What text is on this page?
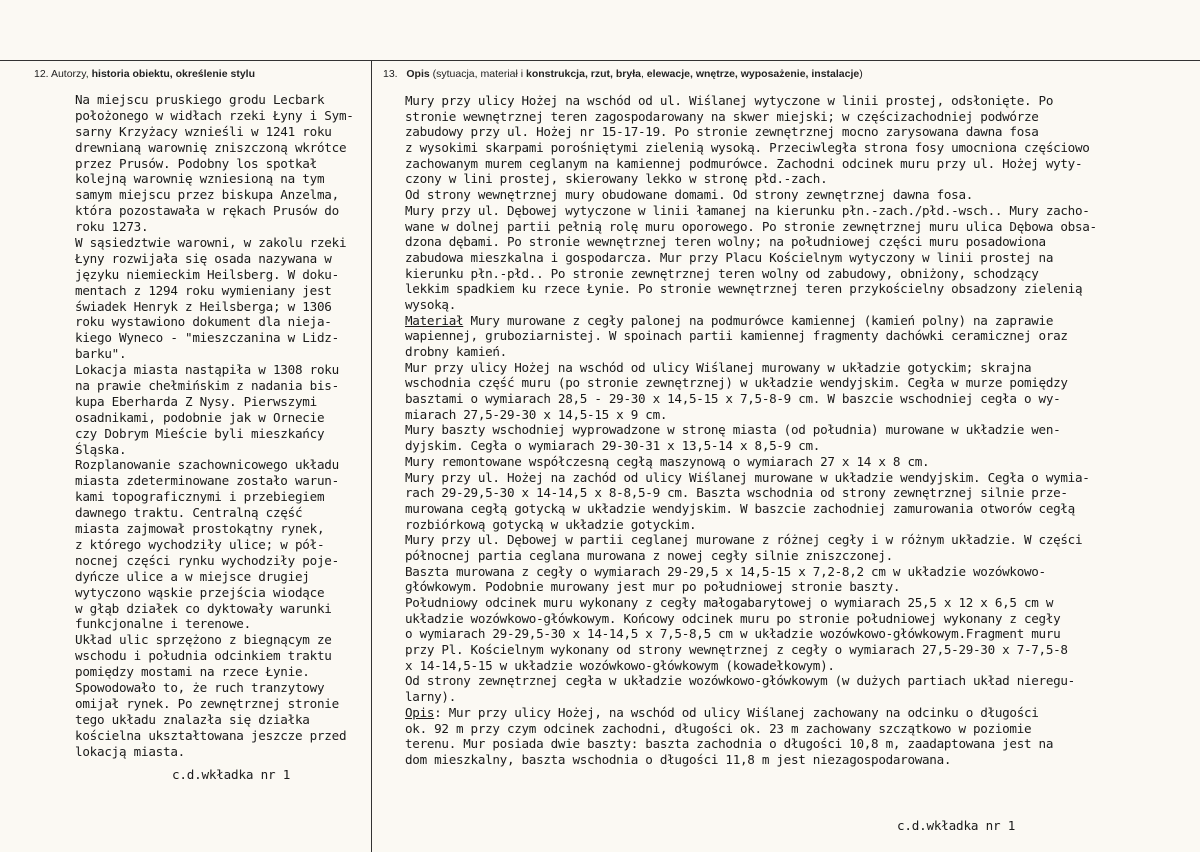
12. Autorzy, historia obiektu, określenie stylu	13. Opis (sytuacja, materiał i konstrukcja, rzut, bryła, elewacje, wnętrze, wyposażenie, instalacje)
Na miejscu pruskiego grodu Lecbark
położonego w widłach rzeki Łyny i Sym-
sarny Krzyżacy wznieśli w 1241 roku
drewnianą warownię zniszczoną wkrótce
przez Prusów. Podobny los spotkał
kolejną warownię wzniesioną na tym
samym miejscu przez biskupa Anzelma,
która pozostawała w rękach Prusów do
roku 1273.
W sąsiedztwie warowni, w zakolu rzeki
Łyny rozwijała się osada nazywana w
języku niemieckim Heilsberg. W doku-
mentach z 1294 roku wymieniany jest
świadek Henryk z Heilsberga; w 1306
roku wystawiono dokument dla niejа-
kiego Wyneco - "mieszczanina w Lidz-
barku".
Lokacja miasta nastąpiła w 1308 roku
na prawie chełmińskim z nadania bis-
kupa Eberharda Z Nysy. Pierwszymi
osadnikami, podobnie jak w Ornecie
czy Dobrym Mieście byli mieszkańcy
Śląska.
Rozplanowanie szachownicowego układu
miasta zdeterminowane zostało warun-
kami topograficznymi i przebiegiem
dawnego traktu. Centralną część
miasta zajmował prostokątny rynek,
z którego wychodziły ulice; w pół-
nocnej części rynku wychodziły poje-
dyńcze ulice a w miejsce drugiej
wytyczono wąskie przejścia wiodące
w głąb działek co dyktowały warunki
funkcjonalne i terenowe.
Układ ulic sprzężono z biegnącym ze
wschodu i południa odcinkiem traktu
pomiędzy mostami na rzece Łynie.
Spowodowało to, że ruch tranzytowy
omijał rynek. Po zewnętrznej stronie
tego układu znalazła się działka
kościelna ukształtowana jeszcze przed
lokacją miasta.
c.d.wkładka nr 1
Mury przy ulicy Hożej na wschód od ul. Wiślanej wytyczone w linii prostej, odsłonięte. Po
stronie wewnętrznej teren zagospodarowany na skwer miejski; w częścizachodniej podwórze
zabudowy przy ul. Hożej nr 15-17-19. Po stronie zewnętrznej mocno zarysowana dawna fosa
z wysokimi skarpami porośniętymi zielenią wysoką. Przeciwległa strona fosy umocniona częściowo
zachowanym murem ceglanym na kamiennej podmurówce. Zachodni odcinek muru przy ul. Hożej wyty-
czony w lini prostej, skierowany lekko w stronę płd.-zach.
Od strony wewnętrznej mury obudowane domami. Od strony zewnętrznej dawna fosa.
Mury przy ul. Dębowej wytyczone w linii łamanej na kierunku płn.-zach./płd.-wsch.. Mury zacho-
wane w dolnej partii pełnią rolę muru oporowego. Po stronie zewnętrznej muru ulica Dębowa obsa-
dzona dębami. Po stronie wewnętrznej teren wolny; na południowej części muru posadowiona
zabudowa mieszkalna i gospodarcza. Mur przy Placu Kościelnym wytyczony w linii prostej na
kierunku płn.-płd.. Po stronie zewnętrznej teren wolny od zabudowy, obniżony, schodzący
lekkim spadkiem ku rzece Łynie. Po stronie wewnętrznej teren przykościelny obsadzony zielenią
wysoką.
Materiał Mury murowane z cegły palonej na podmurówce kamiennej (kamień polny) na zaprawie
wapiennej, gruboziarnistej. W spoinach partii kamiennej fragmenty dachówki ceramicznej oraz
drobny kamień.
Mur przy ulicy Hożej na wschód od ulicy Wiślanej murowany w układzie gotyckim; skrajna
wschodnia część muru (po stronie zewnętrznej) w układzie wendyjskim. Cegła w murze pomiędzy
basztami o wymiarach 28,5 - 29-30 x 14,5-15 x 7,5-8-9 cm. W baszcie wschodniej cegła o wy-
miarach 27,5-29-30 x 14,5-15 x 9 cm.
Mury baszty wschodniej wyprowadzone w stronę miasta (od południa) murowane w układzie wen-
dyjskim. Cegła o wymiarach 29-30-31 x 13,5-14 x 8,5-9 cm.
Mury remontowane współczesną cegłą maszynową o wymiarach 27 x 14 x 8 cm.
Mury przy ul. Hożej na zachód od ulicy Wiślanej murowane w układzie wendyjskim. Cegła o wymia-
rach 29-29,5-30 x 14-14,5 x 8-8,5-9 cm. Baszta wschodnia od strony zewnętrznej silnie prze-
murowana cegłą gotycką w układzie wendyjskim. W baszcie zachodniej zamurowania otworów cegłą
rozbiórkową gotycką w układzie gotyckim.
Mury przy ul. Dębowej w partii ceglanej murowane z różnej cegły i w różnym układzie. W części
północnej partia ceglana murowana z nowej cegły silnie zniszczonej.
Baszta murowana z cegły o wymiarach 29-29,5 x 14,5-15 x 7,2-8,2 cm w układzie wozówkowo-
główkowym. Podobnie murowany jest mur po południowej stronie baszty.
Południowy odcinek muru wykonany z cegły małogabarytowej o wymiarach 25,5 x 12 x 6,5 cm w
układzie wozówkowo-główkowym. Końcowy odcinek muru po stronie południowej wykonany z cegły
o wymiarach 29-29,5-30 x 14-14,5 x 7,5-8,5 cm w układzie wozówkowo-główkowym.Fragment muru
przy Pl. Kościelnym wykonany od strony wewnętrznej z cegły o wymiarach 27,5-29-30 x 7-7,5-8
x 14-14,5-15 w układzie wozówkowo-główkowym (kowadełkowym).
Od strony zewnętrznej cegła w układzie wozówkowo-główkowym (w dużych partiach układ nieregu-
larny).
Opis: Mur przy ulicy Hożej, na wschód od ulicy Wiślanej zachowany na odcinku o długości
ok. 92 m przy czym odcinek zachodni, długości ok. 23 m zachowany szczątkowo w poziomie
terenu. Mur posiada dwie baszty: baszta zachodnia o długości 10,8 m, zaadaptowana jest na
dom mieszkalny, baszta wschodnia o długości 11,8 m jest niezagospodarowana.
c.d.wkładka nr 1
